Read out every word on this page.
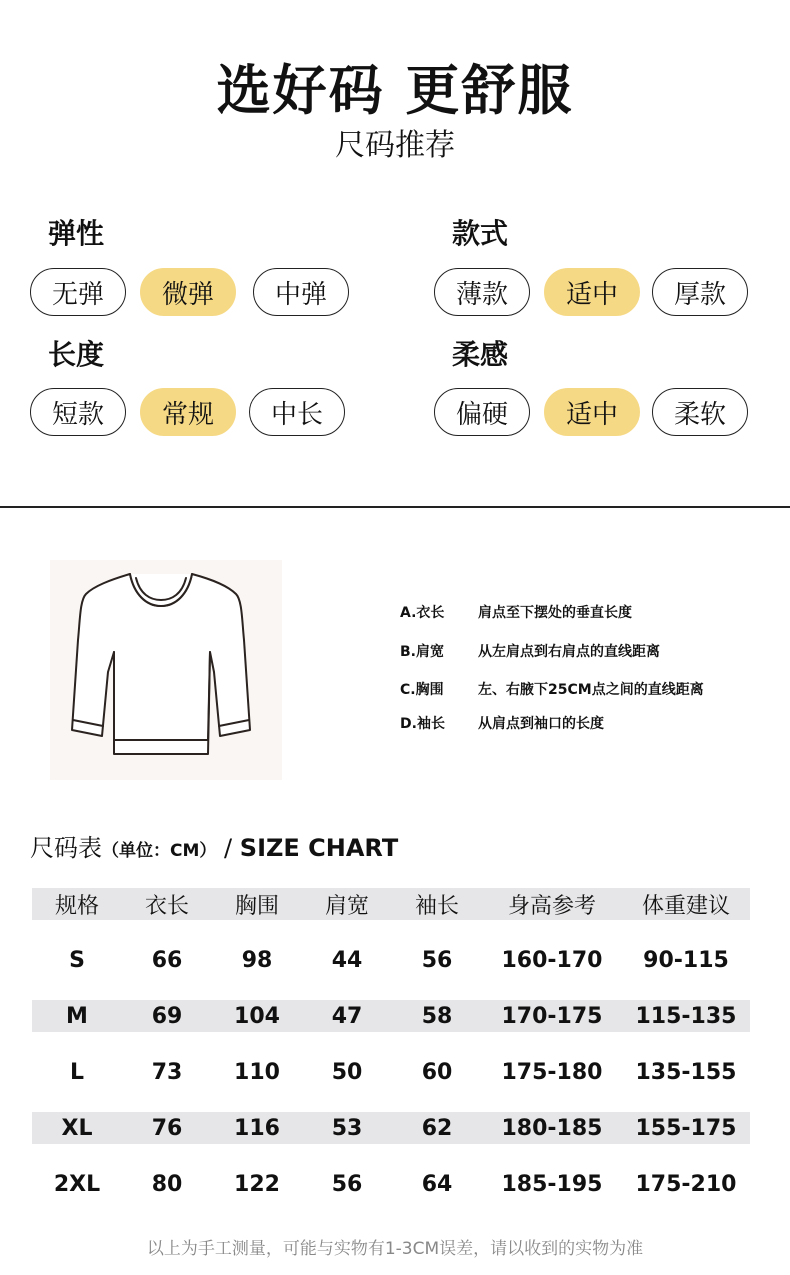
选好码 更舒服
尺码推荐
弹性
无弹	微弹	中弹
款式
薄款	适中	厚款
长度
短款	常规	中长
柔感
偏硬	适中	柔软
A.衣长 肩点至下摆处的垂直长度
B.肩宽 从左肩点到右肩点的直线距离
C.胸围 左、右腋下25CM点之间的直线距离
D.袖长 从肩点到袖口的长度
尺码表（单位：CM） / SIZE CHART
规格	衣长	胸围	肩宽	袖长	身高参考	体重建议
S	66	98	44	56	160-170	90-115
M	69	104	47	58	170-175	115-135
L	73	110	50	60	175-180	135-155
XL	76	116	53	62	180-185	155-175
2XL	80	122	56	64	185-195	175-210
以上为手工测量，可能与实物有1-3CM误差，请以收到的实物为准
